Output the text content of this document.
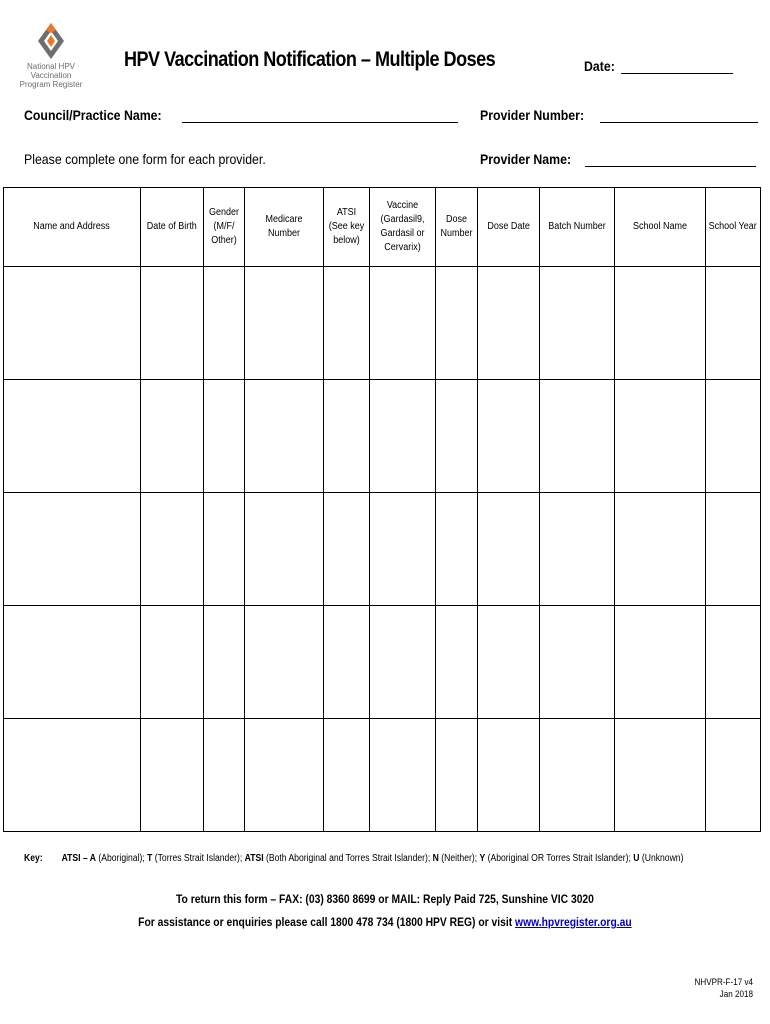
National HPV Vaccination
Program Register
HPV Vaccination Notification – Multiple Doses	Date:
Council/Practice Name:	Provider Number:
Please complete one form for each provider.	Provider Name:
Name and Address	Date of Birth	Gender (M/F/ Other)	Medicare Number	ATSI (See key below)	Vaccine (Gardasil9, Gardasil or Cervarix)	Dose Number	Dose Date	Batch Number	School Name	School Year

Key: ATSI – A (Aboriginal); T (Torres Strait Islander); ATSI (Both Aboriginal and Torres Strait Islander); N (Neither); Y (Aboriginal OR Torres Strait Islander); U (Unknown)
To return this form – FAX: (03) 8360 8699 or MAIL: Reply Paid 725, Sunshine VIC 3020
For assistance or enquiries please call 1800 478 734 (1800 HPV REG) or visit www.hpvregister.org.au
NHVPR-F-17 v4
Jan 2018
